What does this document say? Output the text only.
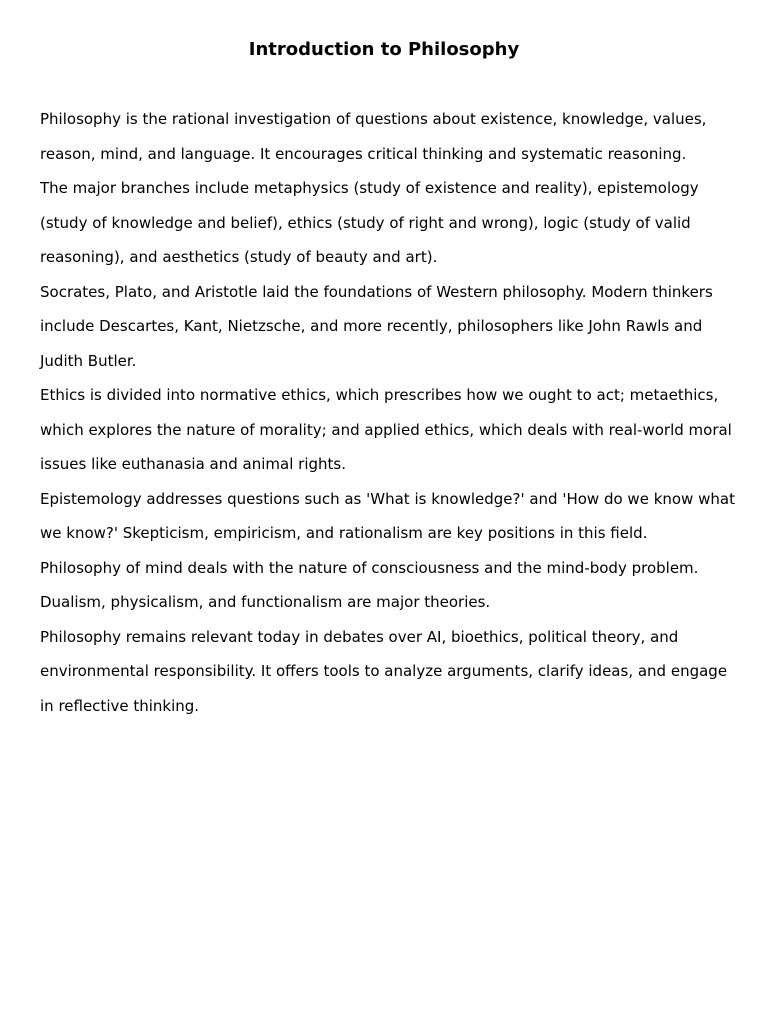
Introduction to Philosophy

Philosophy is the rational investigation of questions about existence, knowledge, values, reason, mind, and language. It encourages critical thinking and systematic reasoning.

The major branches include metaphysics (study of existence and reality), epistemology (study of knowledge and belief), ethics (study of right and wrong), logic (study of valid reasoning), and aesthetics (study of beauty and art).

Socrates, Plato, and Aristotle laid the foundations of Western philosophy. Modern thinkers include Descartes, Kant, Nietzsche, and more recently, philosophers like John Rawls and Judith Butler.

Ethics is divided into normative ethics, which prescribes how we ought to act; metaethics, which explores the nature of morality; and applied ethics, which deals with real-world moral issues like euthanasia and animal rights.

Epistemology addresses questions such as 'What is knowledge?' and 'How do we know what we know?' Skepticism, empiricism, and rationalism are key positions in this field.

Philosophy of mind deals with the nature of consciousness and the mind-body problem. Dualism, physicalism, and functionalism are major theories.

Philosophy remains relevant today in debates over AI, bioethics, political theory, and environmental responsibility. It offers tools to analyze arguments, clarify ideas, and engage in reflective thinking.
